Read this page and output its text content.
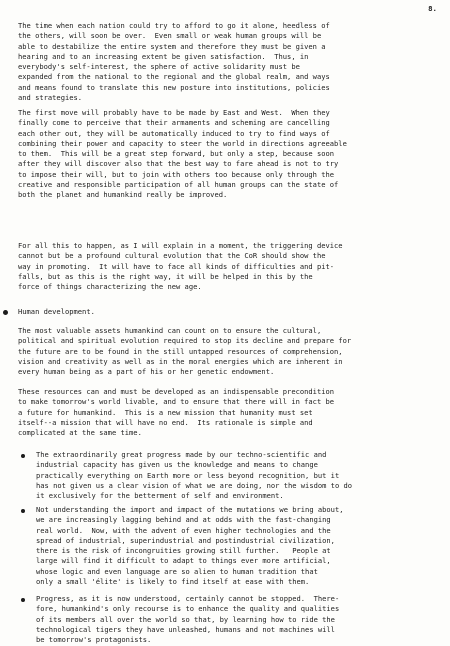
8.
The time when each nation could try to afford to go it alone, heedless of
the others, will soon be over.  Even small or weak human groups will be
able to destabilize the entire system and therefore they must be given a
hearing and to an increasing extent be given satisfaction.  Thus, in
everybody's self-interest, the sphere of active solidarity must be
expanded from the national to the regional and the global realm, and ways
and means found to translate this new posture into institutions, policies
and strategies.
The first move will probably have to be made by East and West.  When they
finally come to perceive that their armaments and scheming are cancelling
each other out, they will be automatically induced to try to find ways of
combining their power and capacity to steer the world in directions agreeable
to them.  This will be a great step forward, but only a step, because soon
after they will discover also that the best way to fare ahead is not to try
to impose their will, but to join with others too because only through the
creative and responsible participation of all human groups can the state of
both the planet and humankind really be improved.
For all this to happen, as I will explain in a moment, the triggering device
cannot but be a profound cultural evolution that the CoR should show the
way in promoting.  It will have to face all kinds of difficulties and pit-
falls, but as this is the right way, it will be helped in this by the
force of things characterizing the new age.
Human development.
The most valuable assets humankind can count on to ensure the cultural,
political and spiritual evolution required to stop its decline and prepare for
the future are to be found in the still untapped resources of comprehension,
vision and creativity as well as in the moral energies which are inherent in
every human being as a part of his or her genetic endowment.
These resources can and must be developed as an indispensable precondition
to make tomorrow's world livable, and to ensure that there will in fact be
a future for humankind.  This is a new mission that humanity must set
itself--a mission that will have no end.  Its rationale is simple and
complicated at the same time.
The extraordinarily great progress made by our techno-scientific and
industrial capacity has given us the knowledge and means to change
practically everything on Earth more or less beyond recognition, but it
has not given us a clear vision of what we are doing, nor the wisdom to do
it exclusively for the betterment of self and environment.
Not understanding the import and impact of the mutations we bring about,
we are increasingly lagging behind and at odds with the fast-changing
real world.  Now, with the advent of even higher technologies and the
spread of industrial, superindustrial and postindustrial civilization,
there is the risk of incongruities growing still further.   People at
large will find it difficult to adapt to things ever more artificial,
whose logic and even language are so alien to human tradition that
only a small 'élite' is likely to find itself at ease with them.
Progress, as it is now understood, certainly cannot be stopped.  There-
fore, humankind's only recourse is to enhance the quality and qualities
of its members all over the world so that, by learning how to ride the
technological tigers they have unleashed, humans and not machines will
be tomorrow's protagonists.
